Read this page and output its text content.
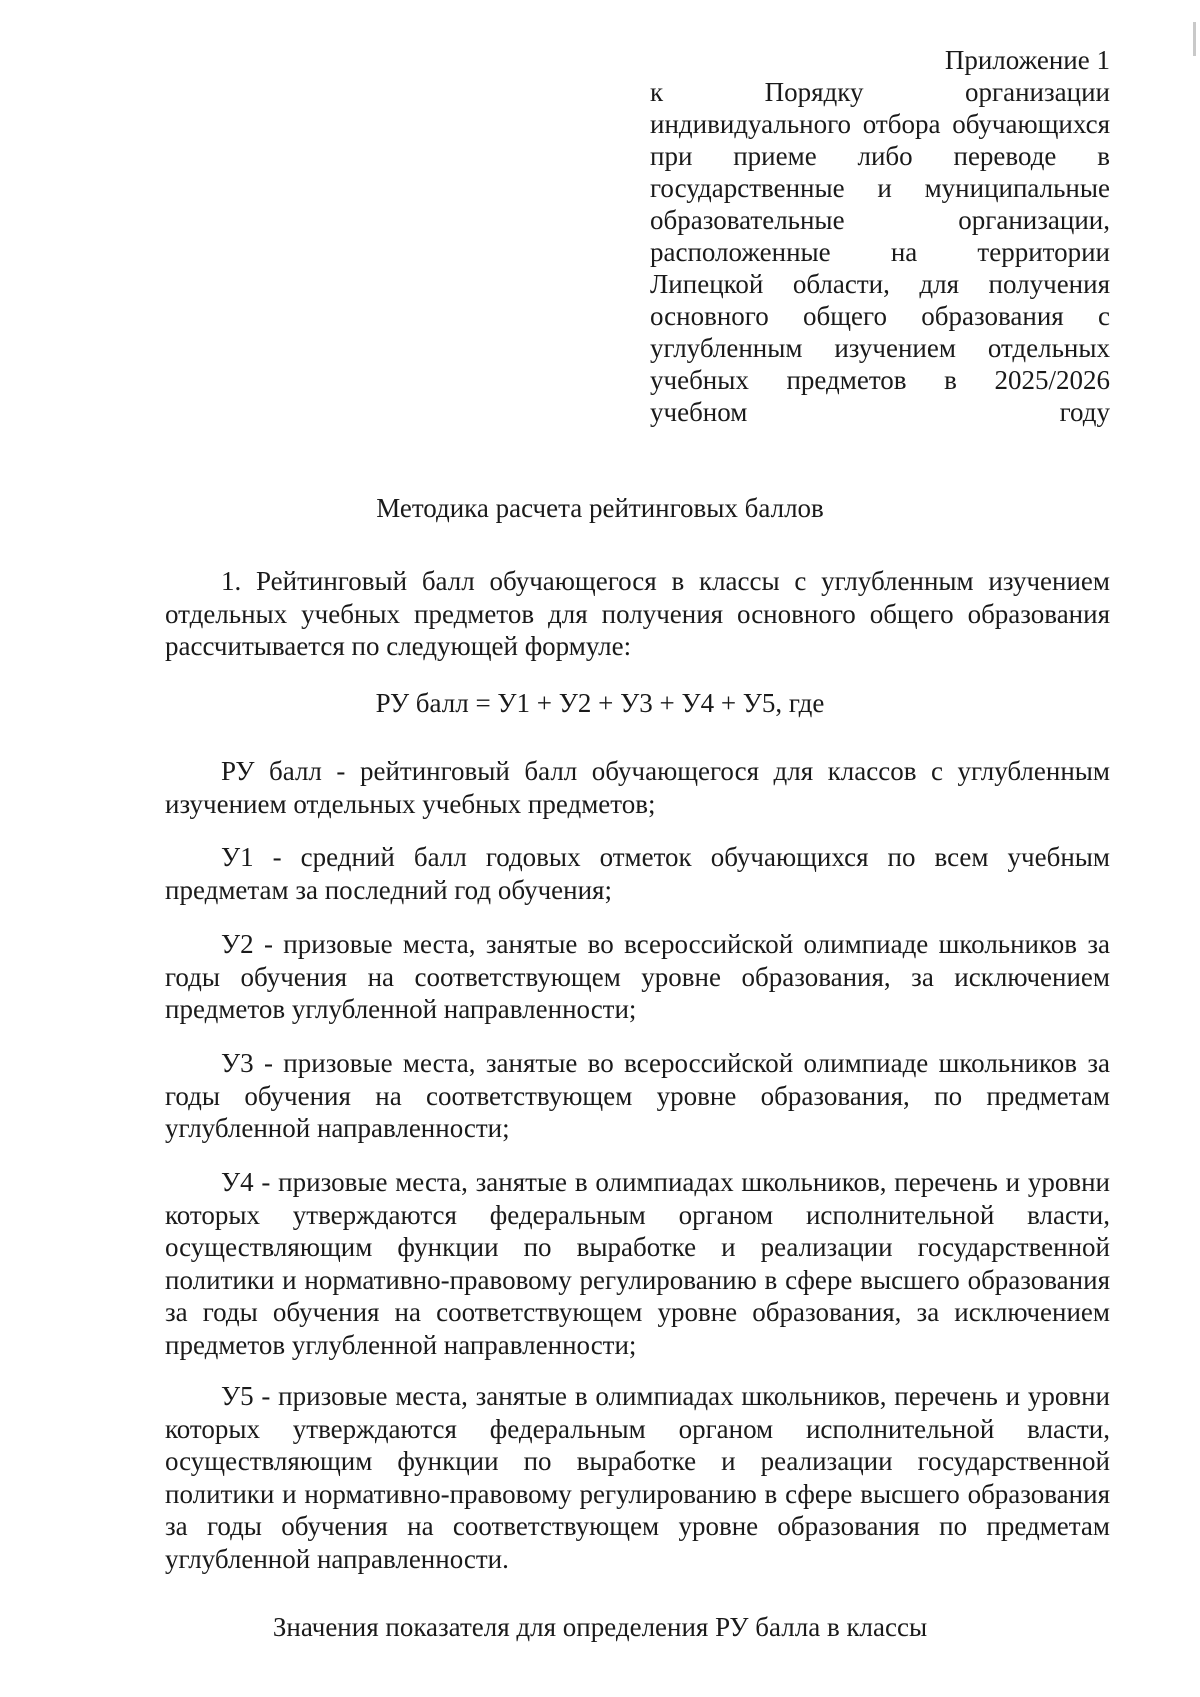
Приложение 1
к Порядку организации индивидуального отбора обучающихся при приеме либо переводе в государственные и муниципальные образовательные организации, расположенные на территории Липецкой области, для получения основного общего образования с углубленным изучением отдельных учебных предметов в 2025/2026 учебном году
Методика расчета рейтинговых баллов

1. Рейтинговый балл обучающегося в классы с углубленным изучением отдельных учебных предметов для получения основного общего образования рассчитывается по следующей формуле:

РУ балл = У1 + У2 + У3 + У4 + У5, где

РУ балл - рейтинговый балл обучающегося для классов с углубленным изучением отдельных учебных предметов;

У1 - средний балл годовых отметок обучающихся по всем учебным предметам за последний год обучения;

У2 - призовые места, занятые во всероссийской олимпиаде школьников за годы обучения на соответствующем уровне образования, за исключением предметов углубленной направленности;

У3 - призовые места, занятые во всероссийской олимпиаде школьников за годы обучения на соответствующем уровне образования, по предметам углубленной направленности;

У4 - призовые места, занятые в олимпиадах школьников, перечень и уровни которых утверждаются федеральным органом исполнительной власти, осуществляющим функции по выработке и реализации государственной политики и нормативно-правовому регулированию в сфере высшего образования за годы обучения на соответствующем уровне образования, за исключением предметов углубленной направленности;

У5 - призовые места, занятые в олимпиадах школьников, перечень и уровни которых утверждаются федеральным органом исполнительной власти, осуществляющим функции по выработке и реализации государственной политики и нормативно-правовому регулированию в сфере высшего образования за годы обучения на соответствующем уровне образования по предметам углубленной направленности.

Значения показателя для определения РУ балла в классы
